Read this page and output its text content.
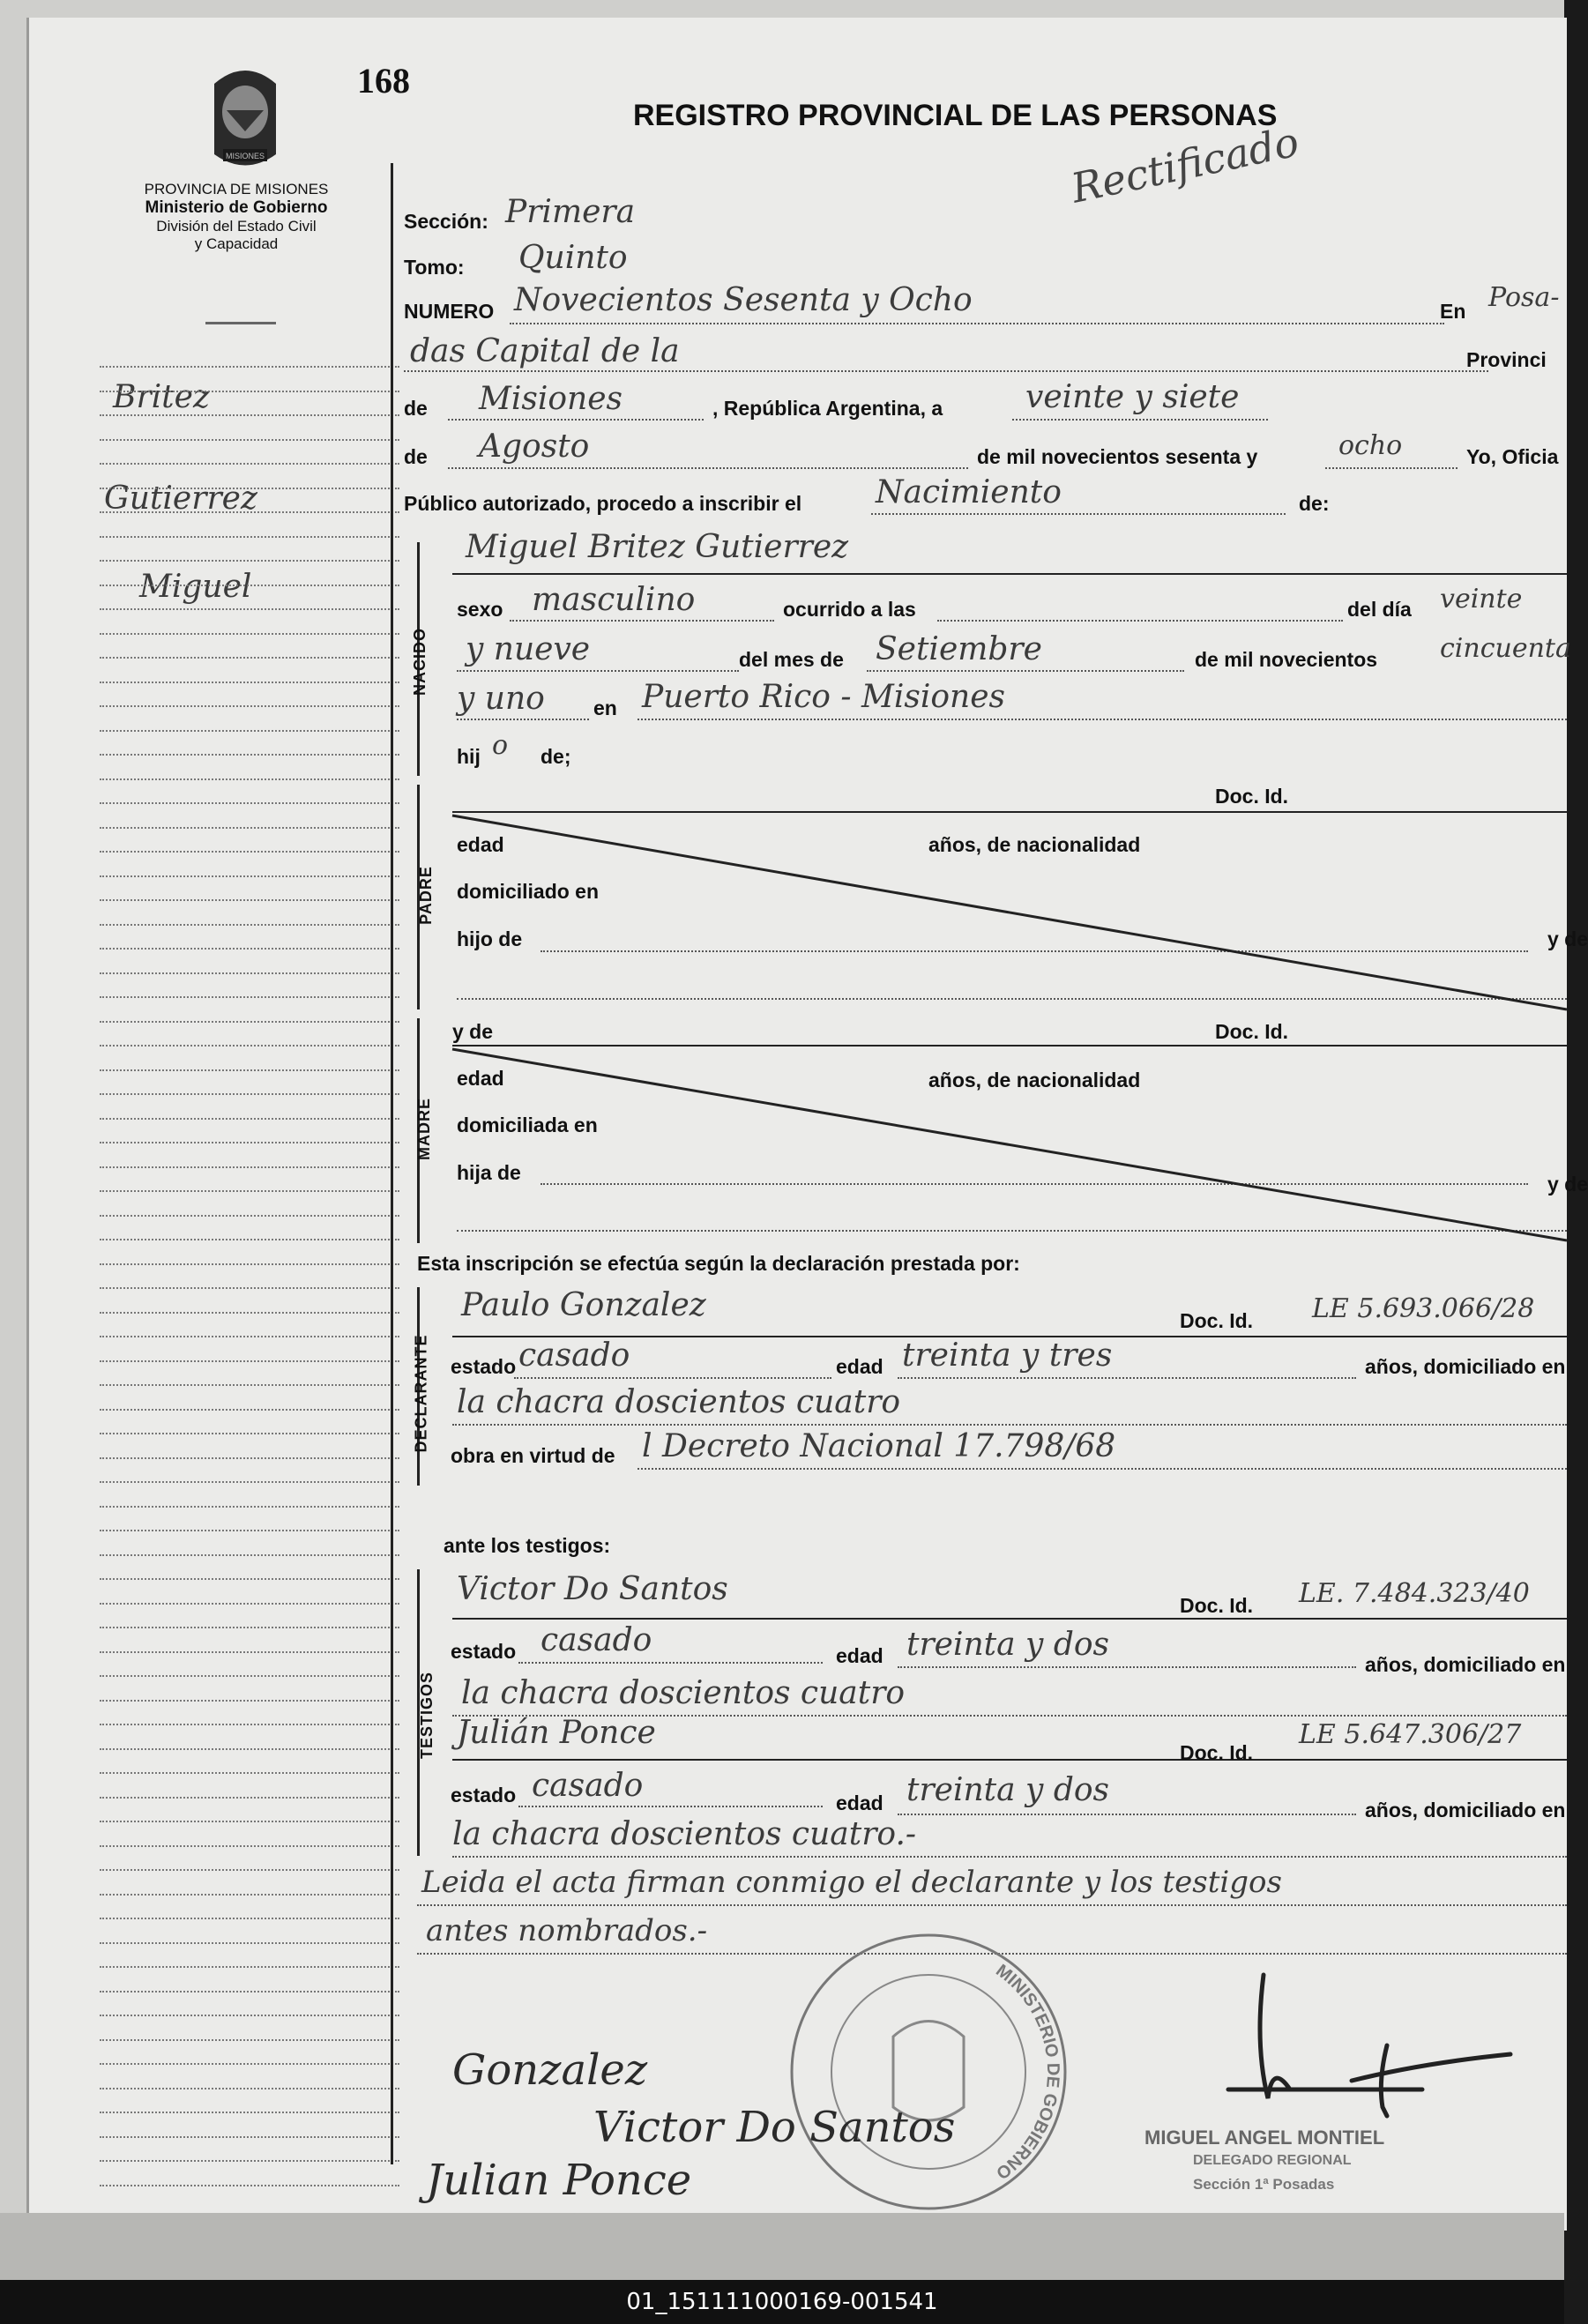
MISIONES
168
REGISTRO PROVINCIAL DE LAS PERSONAS
Rectificado
PROVINCIA DE MISIONES
Ministerio de Gobierno
División del Estado Civil
y Capacidad
Britez
Gutierrez
Miguel
Sección: Primera
Tomo: Quinto
NUMERO Novecientos Sesenta y Ocho	En Posa-
das Capital de la	Provinci
de Misiones	, República Argentina, a	veinte y siete
de Agosto	de mil novecientos sesenta y	ocho	Yo, Oficia
Público autorizado, procedo a inscribir el Nacimiento	de:
NACIDO
Miguel Britez Gutierrez
sexo masculino	ocurrido a las	del día veinte
y nueve	del mes de Setiembre	de mil novecientos cincuenta
y uno en Puerto Rico - Misiones
hij o de;
PADRE
Doc. Id.
edad	años, de nacionalidad
domiciliado en
hijo de	y de
MADRE
y de	Doc. Id.
edad	años, de nacionalidad
domiciliada en
hija de	y de
Esta inscripción se efectúa según la declaración prestada por:
DECLARANTE
Paulo Gonzalez	Doc. Id. LE 5.693.066/28
estado casado	edad treinta y tres	años, domiciliado en
la chacra doscientos cuatro
obra en virtud de l Decreto Nacional 17.798/68
ante los testigos:
TESTIGOS
Victor Do Santos	Doc. Id. LE. 7.484.323/40
estado casado	edad treinta y dos
años, domiciliado en
la chacra doscientos cuatro
Julián Ponce
Doc. Id.
LE 5.647.306/27
estado casado	edad treinta y dos
años, domiciliado en
la chacra doscientos cuatro.-
Leida el acta firman conmigo el declarante y los testigos
antes nombrados.-
MINISTERIO DE GOBIERNO
Gonzalez
Victor Do Santos
Julian Ponce
MIGUEL ANGEL MONTIEL
DELEGADO REGIONAL
Sección 1ª Posadas
01_151111000169-001541
